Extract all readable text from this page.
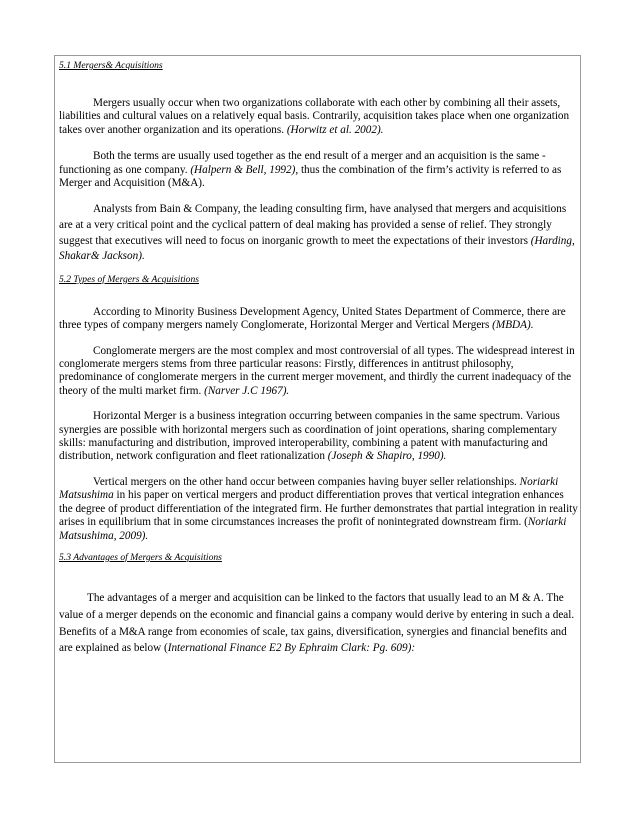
5.1 Mergers& Acquisitions

Mergers usually occur when two organizations collaborate with each other by combining all their assets, liabilities and cultural values on a relatively equal basis. Contrarily, acquisition takes place when one organization takes over another organization and its operations. (Horwitz et al. 2002).

Both the terms are usually used together as the end result of a merger and an acquisition is the same - functioning as one company. (Halpern & Bell, 1992), thus the combination of the firm’s activity is referred to as Merger and Acquisition (M&A).

Analysts from Bain & Company, the leading consulting firm, have analysed that mergers and acquisitions are at a very critical point and the cyclical pattern of deal making has provided a sense of relief. They strongly suggest that executives will need to focus on inorganic growth to meet the expectations of their investors (Harding, Shakar& Jackson).

5.2 Types of Mergers & Acquisitions

According to Minority Business Development Agency, United States Department of Commerce, there are three types of company mergers namely Conglomerate, Horizontal Merger and Vertical Mergers (MBDA).

Conglomerate mergers are the most complex and most controversial of all types. The widespread interest in conglomerate mergers stems from three particular reasons: Firstly, differences in antitrust philosophy, predominance of conglomerate mergers in the current merger movement, and thirdly the current inadequacy of the theory of the multi market firm. (Narver J.C 1967).

Horizontal Merger is a business integration occurring between companies in the same spectrum. Various synergies are possible with horizontal mergers such as coordination of joint operations, sharing complementary skills: manufacturing and distribution, improved interoperability, combining a patent with manufacturing and distribution, network configuration and fleet rationalization (Joseph & Shapiro, 1990).

Vertical mergers on the other hand occur between companies having buyer seller relationships. Noriarki Matsushima in his paper on vertical mergers and product differentiation proves that vertical integration enhances the degree of product differentiation of the integrated firm. He further demonstrates that partial integration in reality arises in equilibrium that in some circumstances increases the profit of nonintegrated downstream firm. (Noriarki Matsushima, 2009).

5.3 Advantages of Mergers & Acquisitions

The advantages of a merger and acquisition can be linked to the factors that usually lead to an M & A. The value of a merger depends on the economic and financial gains a company would derive by entering in such a deal. Benefits of a M&A range from economies of scale, tax gains, diversification, synergies and financial benefits and are explained as below (International Finance E2 By Ephraim Clark: Pg. 609):
